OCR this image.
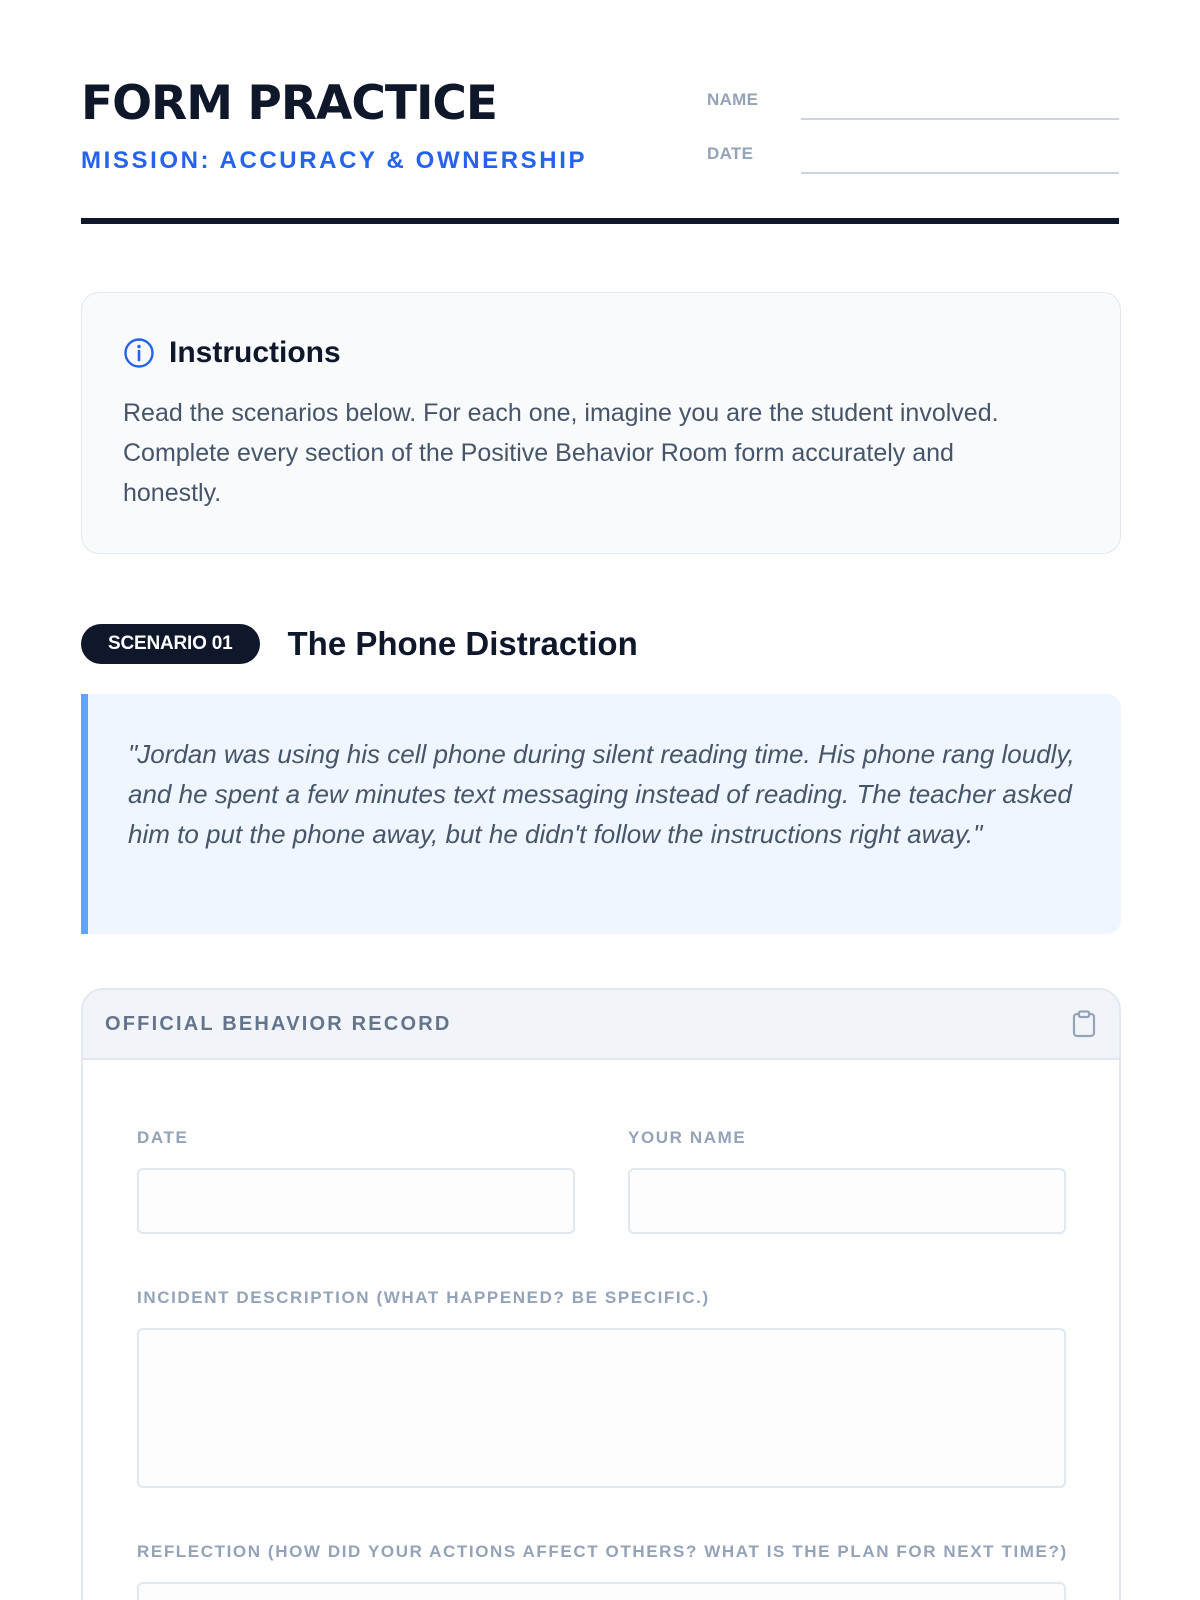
FORM PRACTICE
MISSION: ACCURACY & OWNERSHIP
NAME
DATE
Instructions

Read the scenarios below. For each one, imagine you are the student involved. Complete every section of the Positive Behavior Room form accurately and honestly.

SCENARIO 01	The Phone Distraction
"Jordan was using his cell phone during silent reading time. His phone rang loudly, and he spent a few minutes text messaging instead of reading. The teacher asked him to put the phone away, but he didn't follow the instructions right away."
OFFICIAL BEHAVIOR RECORD
DATE	YOUR NAME
INCIDENT DESCRIPTION (WHAT HAPPENED? BE SPECIFIC.)
REFLECTION (HOW DID YOUR ACTIONS AFFECT OTHERS? WHAT IS THE PLAN FOR NEXT TIME?)
